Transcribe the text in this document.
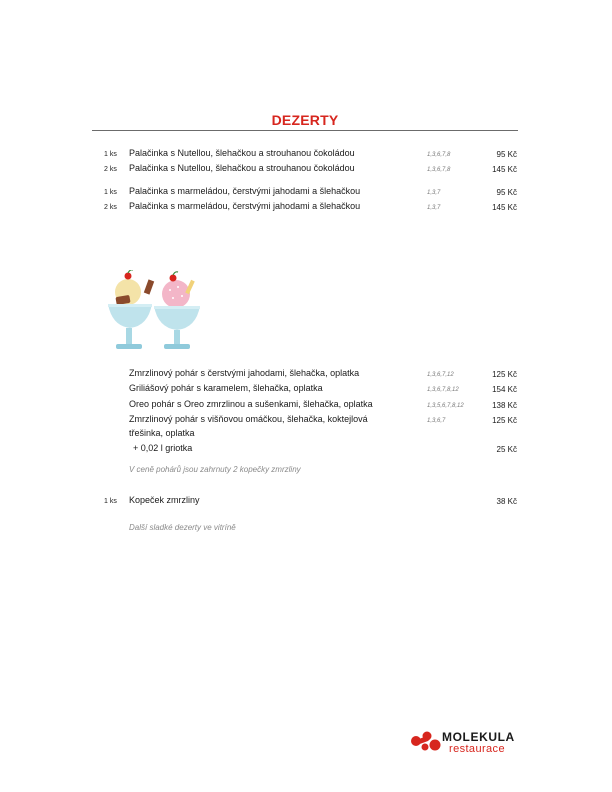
DEZERTY
1 ks Palačinka s Nutellou, šlehačkou a strouhanou čokoládou	1,3,6,7,8	95 Kč
2 ks Palačinka s Nutellou, šlehačkou a strouhanou čokoládou	1,3,6,7,8	145 Kč
1 ks Palačinka s marmeládou, čerstvými jahodami a šlehačkou	1,3,7	95 Kč
2 ks Palačinka s marmeládou, čerstvými jahodami a šlehačkou	1,3,7	145 Kč
Zmrzlinový pohár s čerstvými jahodami, šlehačka, oplatka	1,3,6,7,12	125 Kč
Griliášový pohár s karamelem, šlehačka, oplatka	1,3,6,7,8,12	154 Kč
Oreo pohár s Oreo zmrzlinou a sušenkami, šlehačka, oplatka	1,3,5,6,7,8,12	138 Kč
Zmrzlinový pohár s višňovou omáčkou, šlehačka, koktejlová	1,3,6,7	125 Kč
třešinka, oplatka
+ 0,02 l griotka	25 Kč
V ceně pohárů jsou zahrnuty 2 kopečky zmrzliny
1 ks Kopeček zmrzliny	38 Kč
Další sladké dezerty ve vitríně
MOLEKULA
restaurace
